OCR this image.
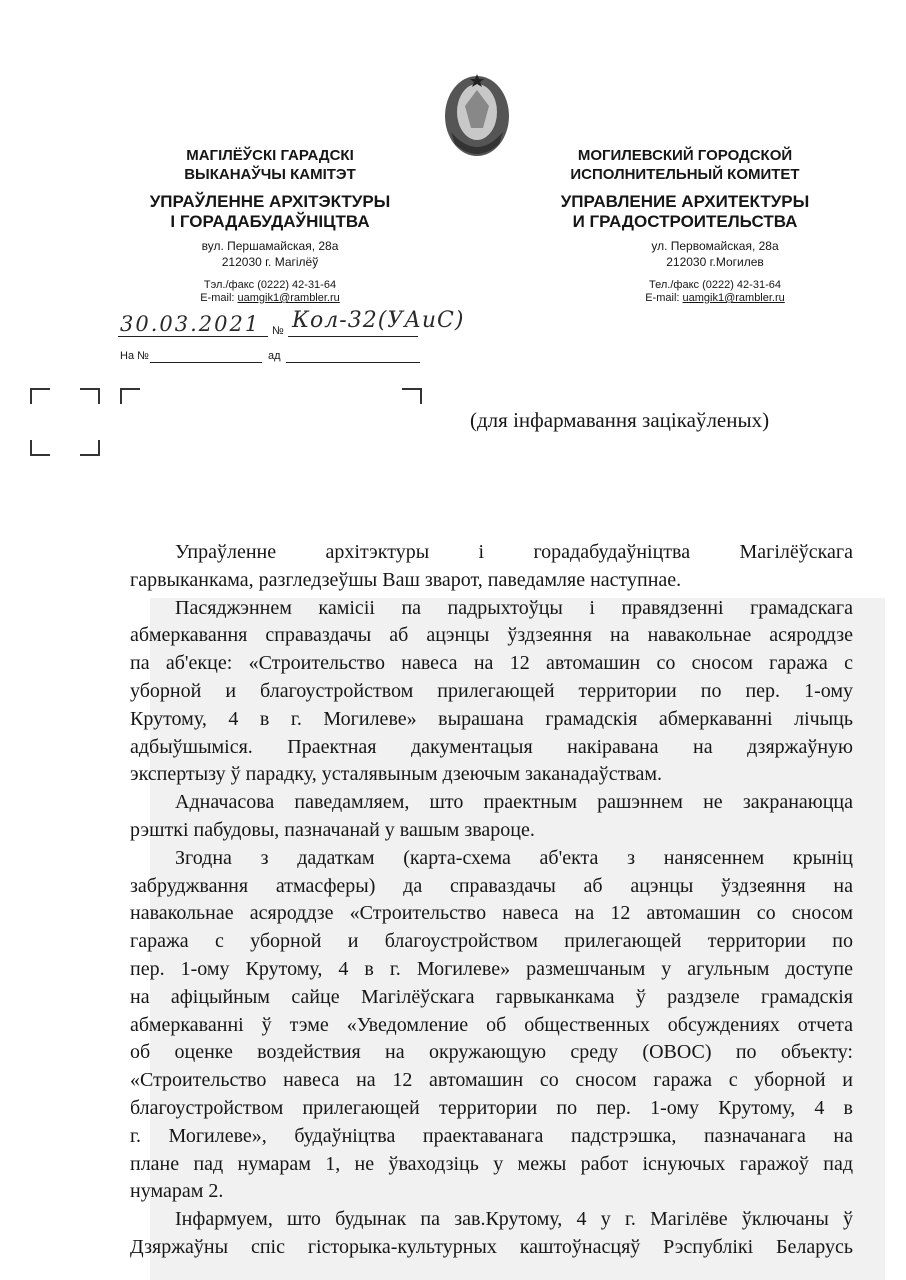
МАГІЛЁЎСКІ ГАРАДСКІ
ВЫКАНАЎЧЫ КАМІТЭТ
УПРАЎЛЕННЕ АРХІТЭКТУРЫ
І ГОРАДАБУДАЎНІЦТВА
вул. Першамайская, 28а
212030 г. Магілёў
Тэл./факс (0222) 42-31-64
E-mail: uamgik1@rambler.ru
МОГИЛЕВСКИЙ ГОРОДСКОЙ
ИСПОЛНИТЕЛЬНЫЙ КОМИТЕТ
УПРАВЛЕНИЕ АРХИТЕКТУРЫ
И ГРАДОСТРОИТЕЛЬСТВА
ул. Первомайская, 28а
212030 г.Могилев
Тел./факс (0222) 42-31-64
E-mail: uamgik1@rambler.ru
30.03.2021 № Кол-32(УАиС)
На №	ад
(для інфармавання зацікаўленых)
Упраўленне архітэктуры і горадабудаўніцтва Магілёўскага
гарвыканкама, разгледзеўшы Ваш зварот, паведамляе наступнае.
Пасяджэннем камісіі па падрыхтоўцы і правядзенні грамадскага
абмеркавання справаздачы аб ацэнцы ўздзеяння на навакольнае асяроддзе
па аб'екце: «Строительство навеса на 12 автомашин со сносом гаража с
уборной и благоустройством прилегающей территории по пер. 1-ому
Крутому, 4 в г. Могилеве» вырашана грамадскія абмеркаванні лічыць
адбыўшыміся. Праектная дакументацыя накіравана на дзяржаўную
экспертызу ў парадку, усталявыным дзеючым заканадаўствам.
Адначасова паведамляем, што праектным рашэннем не закранаюцца
рэшткі пабудовы, пазначанай у вашым звароце.
Згодна з дадаткам (карта-схема аб'екта з нанясеннем крыніц
забруджвання атмасферы) да справаздачы аб ацэнцы ўздзеяння на
навакольнае асяроддзе «Строительство навеса на 12 автомашин со сносом
гаража с уборной и благоустройством прилегающей территории по
пер. 1-ому Крутому, 4 в г. Могилеве» размешчаным у агульным доступе
на афіцыйным сайце Магілёўскага гарвыканкама ў раздзеле грамадскія
абмеркаванні ў тэме «Уведомление об общественных обсуждениях отчета
об оценке воздействия на окружающую среду (ОВОС) по объекту:
«Строительство навеса на 12 автомашин со сносом гаража с уборной и
благоустройством прилегающей территории по пер. 1-ому Крутому, 4 в
г. Могилеве», будаўніцтва праектаванага падстрэшка, пазначанага на
плане пад нумарам 1, не ўваходзіць у межы работ існуючых гаражоў пад
нумарам 2.
Інфармуем, што будынак па зав.Крутому, 4 у г. Магілёве ўключаны ў
Дзяржаўны спіс гісторыка-культурных каштоўнасцяў Рэспублікі Беларусь
